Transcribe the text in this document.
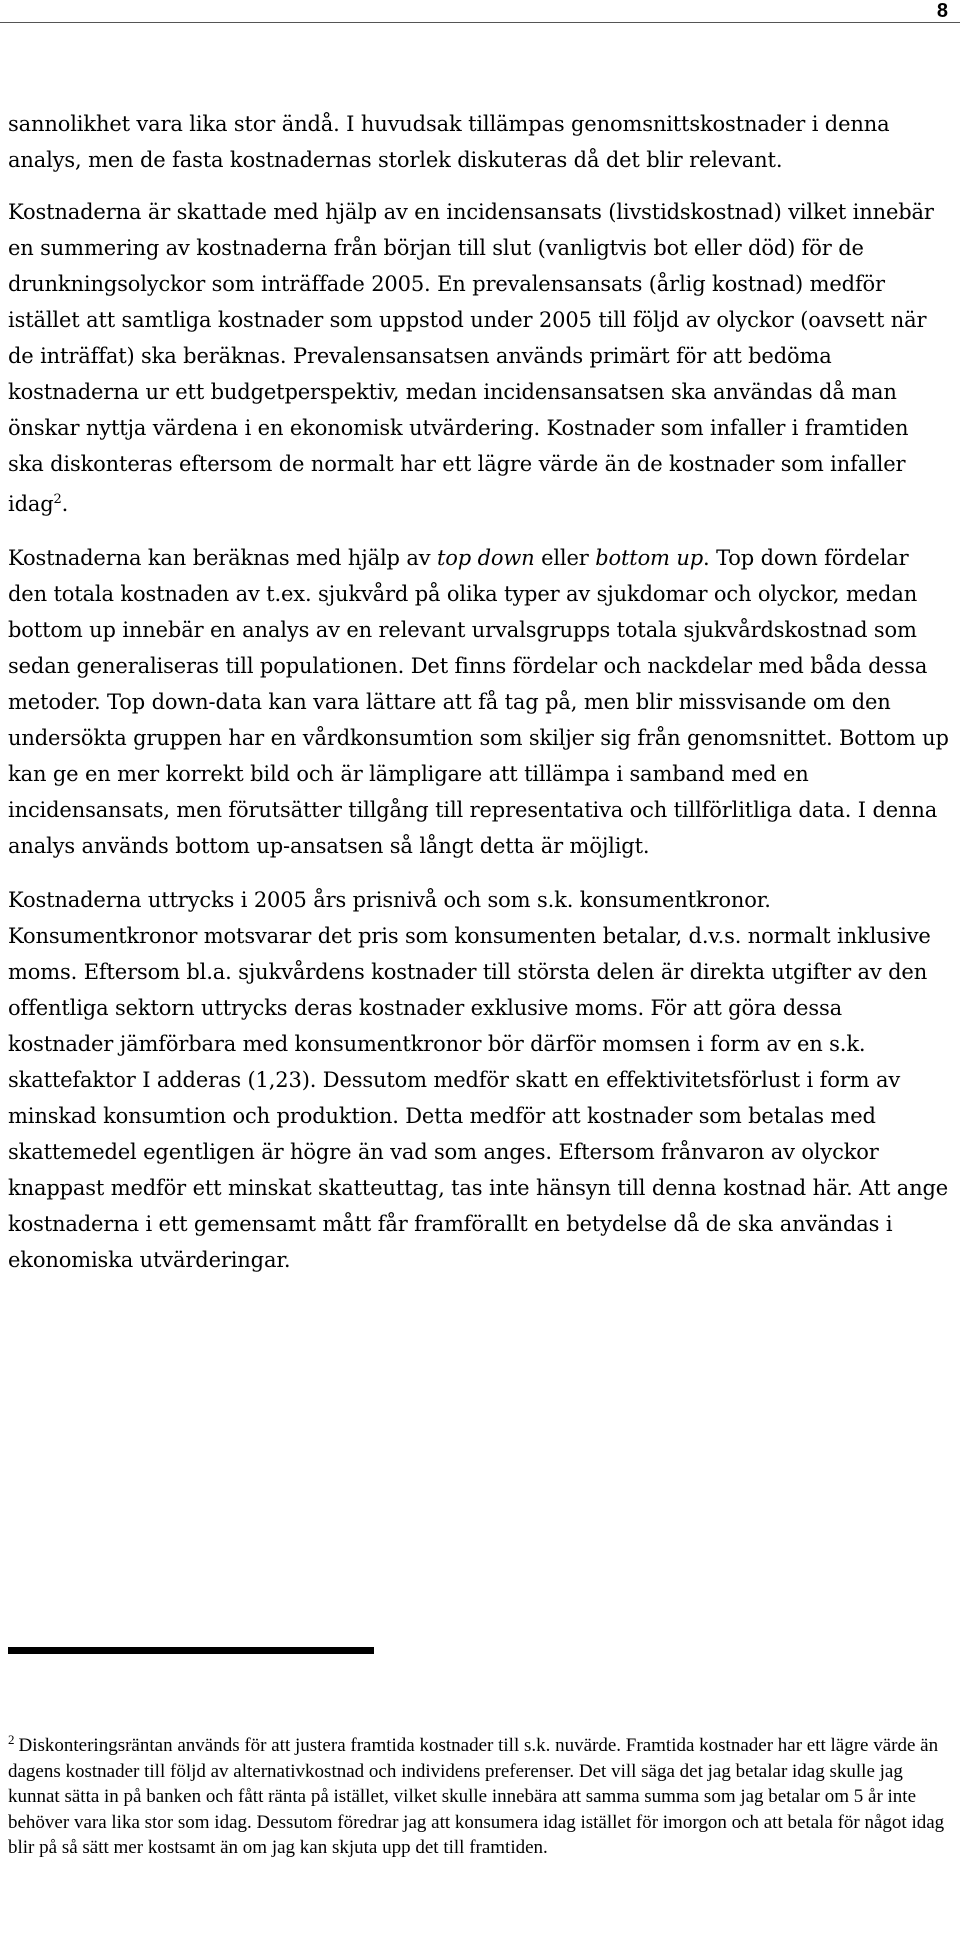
8

sannolikhet vara lika stor ändå. I huvudsak tillämpas genomsnittskostnader i denna analys, men de fasta kostnadernas storlek diskuteras då det blir relevant.

Kostnaderna är skattade med hjälp av en incidensansats (livstidskostnad) vilket innebär en summering av kostnaderna från början till slut (vanligtvis bot eller död) för de drunkningsolyckor som inträffade 2005. En prevalensansats (årlig kostnad) medför istället att samtliga kostnader som uppstod under 2005 till följd av olyckor (oavsett när de inträffat) ska beräknas. Prevalensansatsen används primärt för att bedöma kostnaderna ur ett budgetperspektiv, medan incidensansatsen ska användas då man önskar nyttja värdena i en ekonomisk utvärdering. Kostnader som infaller i framtiden ska diskonteras eftersom de normalt har ett lägre värde än de kostnader som infaller idag$^2$.

Kostnaderna kan beräknas med hjälp av top down eller bottom up. Top down fördelar den totala kostnaden av t.ex. sjukvård på olika typer av sjukdomar och olyckor, medan bottom up innebär en analys av en relevant urvalsgrupps totala sjukvårdskostnad som sedan generaliseras till populationen. Det finns fördelar och nackdelar med båda dessa metoder. Top down-data kan vara lättare att få tag på, men blir missvisande om den undersökta gruppen har en vårdkonsumtion som skiljer sig från genomsnittet. Bottom up kan ge en mer korrekt bild och är lämpligare att tillämpa i samband med en incidensansats, men förutsätter tillgång till representativa och tillförlitliga data. I denna analys används bottom up-ansatsen så långt detta är möjligt.

Kostnaderna uttrycks i 2005 års prisnivå och som s.k. konsumentkronor. Konsumentkronor motsvarar det pris som konsumenten betalar, d.v.s. normalt inklusive moms. Eftersom bl.a. sjukvårdens kostnader till största delen är direkta utgifter av den offentliga sektorn uttrycks deras kostnader exklusive moms. För att göra dessa kostnader jämförbara med konsumentkronor bör därför momsen i form av en s.k. skattefaktor I adderas (1,23). Dessutom medför skatt en effektivitetsförlust i form av minskad konsumtion och produktion. Detta medför att kostnader som betalas med skattemedel egentligen är högre än vad som anges. Eftersom frånvaron av olyckor knappast medför ett minskat skatteuttag, tas inte hänsyn till denna kostnad här. Att ange kostnaderna i ett gemensamt mått får framförallt en betydelse då de ska användas i ekonomiska utvärderingar.

$^2$ Diskonteringsräntan används för att justera framtida kostnader till s.k. nuvärde. Framtida kostnader har ett lägre värde än dagens kostnader till följd av alternativkostnad och individens preferenser. Det vill säga det jag betalar idag skulle jag kunnat sätta in på banken och fått ränta på istället, vilket skulle innebära att samma summa som jag betalar om 5 år inte behöver vara lika stor som idag. Dessutom föredrar jag att konsumera idag istället för imorgon och att betala för något idag blir på så sätt mer kostsamt än om jag kan skjuta upp det till framtiden.
